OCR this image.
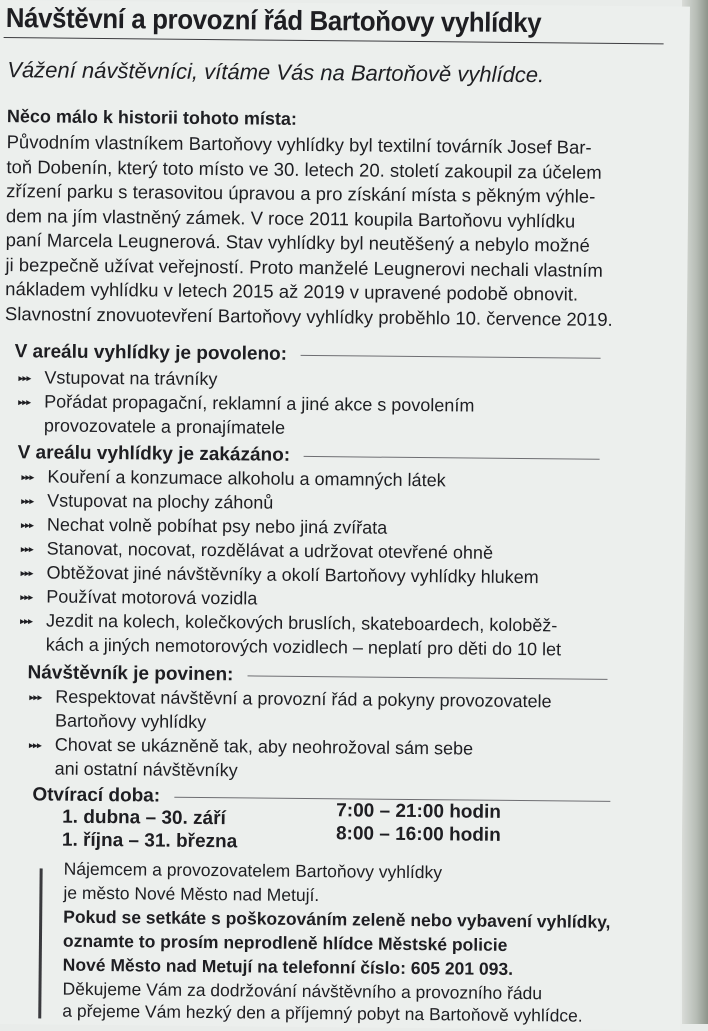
Návštěvní a provozní řád Bartoňovy vyhlídky
Vážení návštěvníci, vítáme Vás na Bartoňově vyhlídce.
Něco málo k historii tohoto místa:
Původním vlastníkem Bartoňovy vyhlídky byl textilní továrník Josef Bar-
toň Dobenín, který toto místo ve 30. letech 20. století zakoupil za účelem
zřízení parku s terasovitou úpravou a pro získání místa s pěkným výhle-
dem na jím vlastněný zámek. V roce 2011 koupila Bartoňovu vyhlídku
paní Marcela Leugnerová. Stav vyhlídky byl neutěšený a nebylo možné
ji bezpečně užívat veřejností. Proto manželé Leugnerovi nechali vlastním
nákladem vyhlídku v letech 2015 až 2019 v upravené podobě obnovit.
Slavnostní znovuotevření Bartoňovy vyhlídky proběhlo 10. července 2019.
V areálu vyhlídky je povoleno:
▸▸▸ Vstupovat na trávníky
▸▸▸ Pořádat propagační, reklamní a jiné akce s povolením
provozovatele a pronajímatele
V areálu vyhlídky je zakázáno:
▸▸▸ Kouření a konzumace alkoholu a omamných látek
▸▸▸ Vstupovat na plochy záhonů
▸▸▸ Nechat volně pobíhat psy nebo jiná zvířata
▸▸▸ Stanovat, nocovat, rozdělávat a udržovat otevřené ohně
▸▸▸ Obtěžovat jiné návštěvníky a okolí Bartoňovy vyhlídky hlukem
▸▸▸ Používat motorová vozidla
▸▸▸ Jezdit na kolech, kolečkových bruslích, skateboardech, koloběž-
kách a jiných nemotorových vozidlech – neplatí pro děti do 10 let
Návštěvník je povinen:
▸▸▸ Respektovat návštěvní a provozní řád a pokyny provozovatele
Bartoňovy vyhlídky
▸▸▸ Chovat se ukázněně tak, aby neohrožoval sám sebe
ani ostatní návštěvníky
Otvírací doba:
1. dubna – 30. září	7:00 – 21:00 hodin
1. října – 31. března	8:00 – 16:00 hodin
Nájemcem a provozovatelem Bartoňovy vyhlídky
je město Nové Město nad Metují.
Pokud se setkáte s poškozováním zeleně nebo vybavení vyhlídky,
oznamte to prosím neprodleně hlídce Městské policie
Nové Město nad Metují na telefonní číslo: 605 201 093.
Děkujeme Vám za dodržování návštěvního a provozního řádu
a přejeme Vám hezký den a příjemný pobyt na Bartoňově vyhlídce.
